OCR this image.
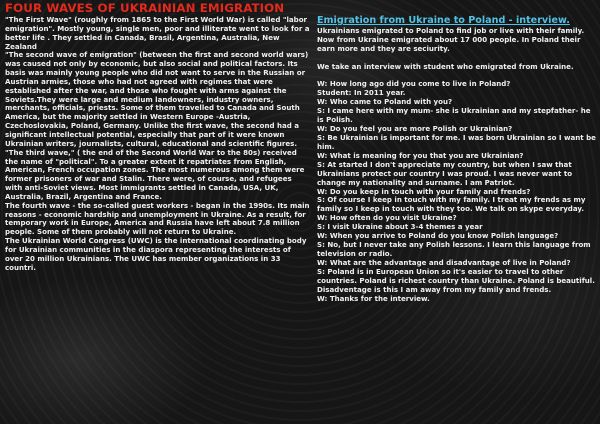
FOUR WAVES OF UKRAINIAN EMIGRATION

"The First Wave" (roughly from 1865 to the First World War) is called "labor emigration". Mostly young, single men, poor and illiterate went to look for a better life . They settled in Canada, Brasil, Argentina, Australia, New Zealand

"The second wave of emigration" (between the first and second world wars) was caused not only by economic, but also social and political factors. Its basis was mainly young people who did not want to serve in the Russian or Austrian armies, those who had not agreed with regimes that were established after the war, and those who fought with arms against the Soviets.They were large and medium landowners, industry owners, merchants, officials, priests. Some of them travelled to Canada and South America, but the majority settled in Western Europe -Austria, Czechoslovakia, Poland, Germany. Unlike the first wave, the second had a significant intellectual potential, especially that part of it were known Ukrainian writers, journalists, cultural, educational and scientific figures.

"The third wave," ( the end of the Second World War to the 80s) received the name of "political". To a greater extent it repatriates from English, American, French occupation zones. The most numerous among them were former prisoners of war and Stalin. There were, of course, and refugees with anti-Soviet views. Most immigrants settled in Canada, USA, UK, Australia, Brazil, Argentina and France.

The fourth wave - the so-called guest workers - began in the 1990s. Its main reasons - economic hardship and unemployment in Ukraine. As a result, for temporary work in Europe, America and Russia have left about 7.8 million people. Some of them probably will not return to Ukraine.

The Ukrainian World Congress (UWC) is the international coordinating body for Ukrainian communities in the diaspora representing the interests of over 20 million Ukrainians. The UWC has member organizations in 33 countri.

Emigration from Ukraine to Poland - interview.

Ukrainians emigrated to Poland to find job or live with their family. Now from Ukraine emigrated about 17 000 people. In Poland their earn more and they are seciurity.

We take an interview with student who emigrated from Ukraine.

W: How long ago did you come to live in Poland?

Student: In 2011 year.

W: Who came to Poland with you?

S: I came here with my mum- she is Ukrainian and my stepfather- he is Polish.

W: Do you feel you are more Polish or Ukrainian?

S: Be Ukrainian is important for me. I was born Ukrainian so I want be him.

W: What is meaning for you that you are Ukrainian?

S: At started I don't appreciate my country, but when I saw that Ukrainians protect our country I was proud. I was never want to change my nationality and surname. I am Patriot.

W: Do you keep in touch with your family and frends?

S: Of course I keep in touch with my family. I treat my frends as my family so I keep in touch with they too. We talk on skype everyday.

W: How often do you visit Ukraine?

S: I visit Ukraine about 3-4 themes a year

W: When you arrive to Poland do you know Polish language?

S: No, but I never take any Polish lessons. I learn this language from television or radio.

W: What are the advantage and disadvantage of live in Poland?

S: Poland is in European Union so it's easier to travel to other countries. Poland is richest country than Ukraine. Poland is beautiful. Disadventage is this I am away from my family and frends.

W: Thanks for the interview.
